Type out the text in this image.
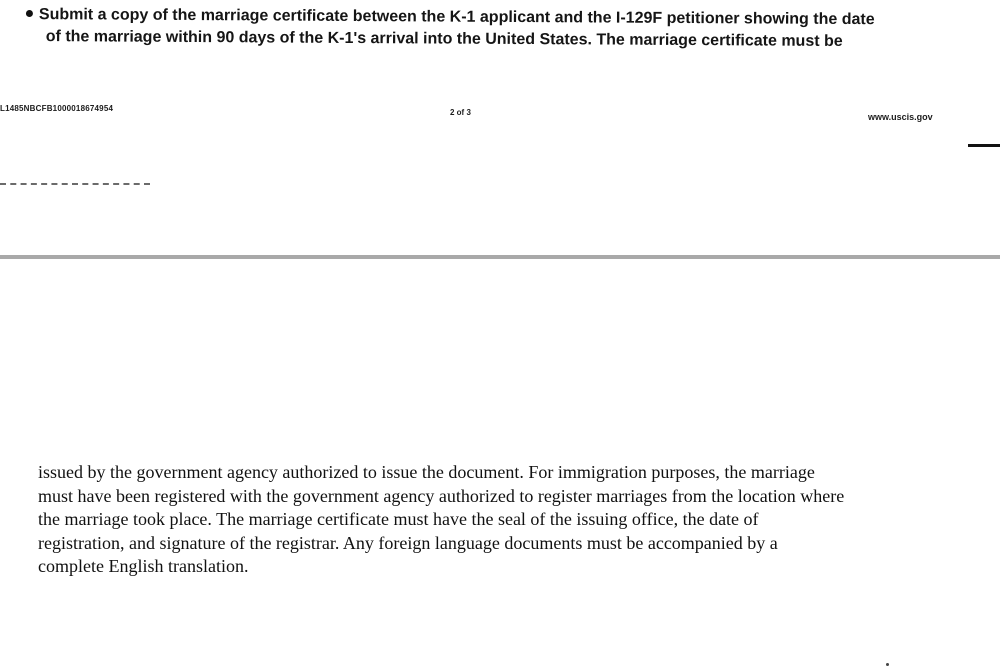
Submit a copy of the marriage certificate between the K-1 applicant and the I-129F petitioner showing the date
of the marriage within 90 days of the K-1's arrival into the United States. The marriage certificate must be
L1485NBCFB1000018674954	2 of 3	www.uscis.gov
issued by the government agency authorized to issue the document. For immigration purposes, the marriage
must have been registered with the government agency authorized to register marriages from the location where
the marriage took place. The marriage certificate must have the seal of the issuing office, the date of
registration, and signature of the registrar. Any foreign language documents must be accompanied by a
complete English translation.
